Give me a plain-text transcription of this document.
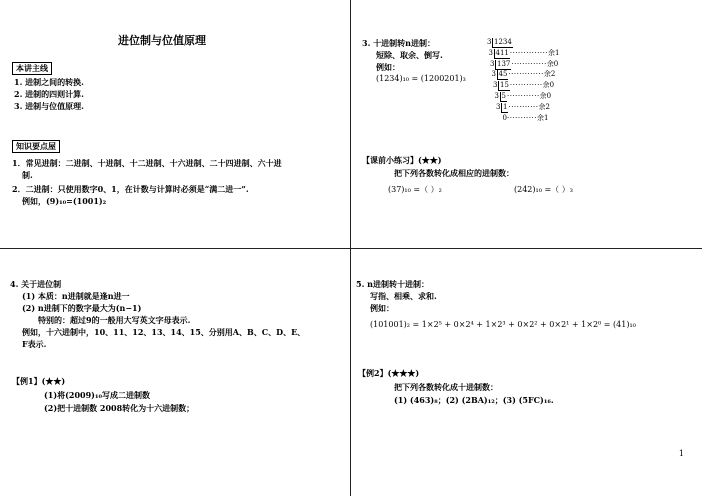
进位制与位值原理
本讲主线
1. 进制之间的转换.
2. 进制的四则计算.
3. 进制与位值原理.
知识要点屋
1．常见进制：二进制、十进制、十二进制、十六进制、二十四进制、六十进
制.
2．二进制：只使用数字0、1，在计数与计算时必须是“满二进一”.
例如，(9)₁₀=(1001)₂
3. 十进制转n进制：
短除、取余、倒写.
例如：
(1234)₁₀ = (1200201)₃
3 1234
3 411··············余1
3 137·············余0
3 45·············余2
3 15············余0
3 5············余0
3 1···········余2
0···········余1
【课前小练习】(★★)
把下列各数转化成相应的进制数：
(37)₁₀ =（ ）₂	(242)₁₀ =（ ）₃
4. 关于进位制
(1) 本质：n进制就是逢n进一
(2) n进制下的数字最大为(n−1)
特别的：超过9的一般用大写英文字母表示.
例如，十六进制中，10、11、12、13、14、15、分别用A、B、C、D、E、
F表示.
【例1】(★★)
(1)将(2009)₁₀写成二进制数
(2)把十进制数 2008转化为十六进制数；
5. n进制转十进制：
写指、相乘、求和.
例如：
(101001)₂ = 1×2⁵ + 0×2⁴ + 1×2³ + 0×2² + 0×2¹ + 1×2⁰ = (41)₁₀
【例2】(★★★)
把下列各数转化成十进制数：
(1) (463)₈；(2) (2BA)₁₂；(3) (5FC)₁₆.
1
